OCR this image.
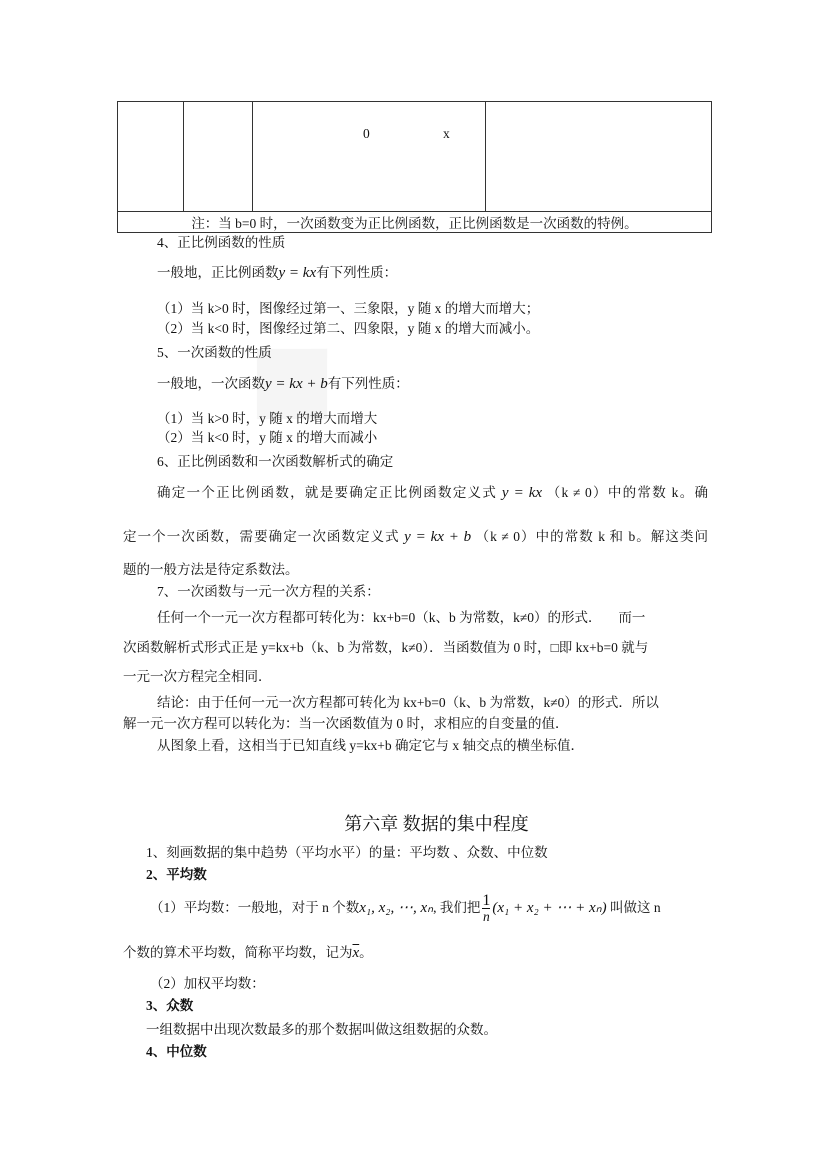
0	x

注：当 b=0 时，一次函数变为正比例函数，正比例函数是一次函数的特例。
4、正比例函数的性质
一般地，正比例函数y = kx有下列性质：
（1）当 k>0 时，图像经过第一、三象限，y 随 x 的增大而增大；
（2）当 k<0 时，图像经过第二、四象限，y 随 x 的增大而减小。
5、一次函数的性质
一般地，一次函数y = kx + b有下列性质：
（1）当 k>0 时，y 随 x 的增大而增大
（2）当 k<0 时，y 随 x 的增大而减小
6、正比例函数和一次函数解析式的确定
确定一个正比例函数，就是要确定正比例函数定义式 y = kx （k ≠ 0）中的常数 k。确
定一个一次函数，需要确定一次函数定义式 y = kx + b （k ≠ 0）中的常数 k 和 b。解这类问
题的一般方法是待定系数法。
7、一次函数与一元一次方程的关系：
任何一个一元一次方程都可转化为：kx+b=0（k、b 为常数，k≠0）的形式．     而一
次函数解析式形式正是 y=kx+b（k、b 为常数，k≠0）．当函数值为 0 时，□即 kx+b=0 就与
一元一次方程完全相同．
结论：由于任何一元一次方程都可转化为 kx+b=0（k、b 为常数，k≠0）的形式．所以
解一元一次方程可以转化为：当一次函数值为 0 时，求相应的自变量的值．
从图象上看，这相当于已知直线 y=kx+b 确定它与 x 轴交点的横坐标值．
第六章 数据的集中程度
1、刻画数据的集中趋势（平均水平）的量：平均数 、众数、中位数
2、平均数
（1）平均数：一般地，对于 n 个数x₁, x₂, ⋯, xₙ, 我们把 $\frac{1}{n} (x_1 + x_2$ + ⋯ + xₙ) 叫做这 n
个数的算术平均数，简称平均数，记为$\overline{x}$。
（2）加权平均数：
3、众数
一组数据中出现次数最多的那个数据叫做这组数据的众数。
4、中位数
